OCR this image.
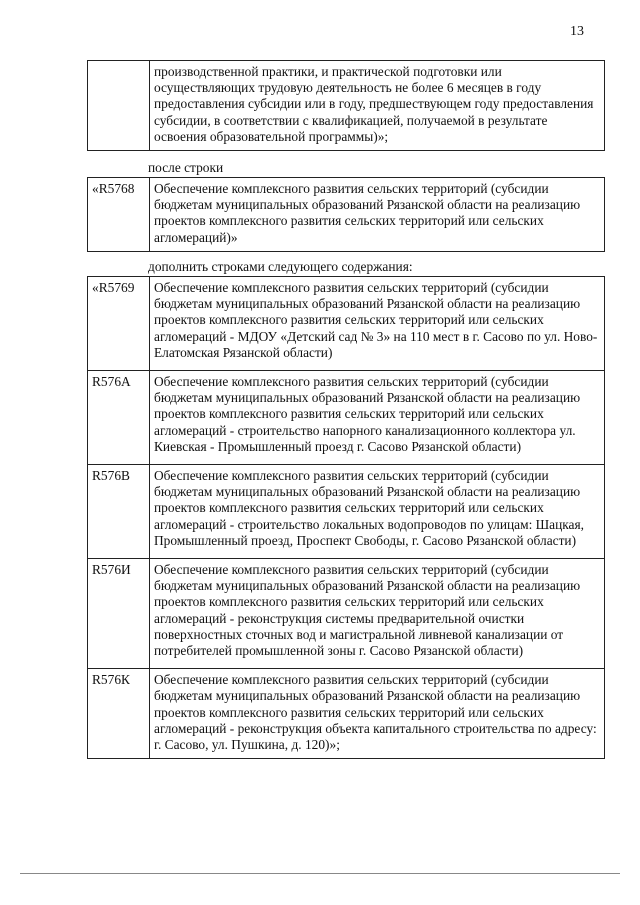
13
	производственной практики, и практической подготовки или осуществляющих трудовую деятельность не более 6 месяцев в году предоставления субсидии или в году, предшествующем году предоставления субсидии, в соответствии с квалификацией, получаемой в результате освоения образовательной программы)»;
после строки
«R5768	Обеспечение комплексного развития сельских территорий (субсидии бюджетам муниципальных образований Рязанской области на реализацию проектов комплексного развития сельских территорий или сельских агломераций)»
дополнить строками следующего содержания:
«R5769	Обеспечение комплексного развития сельских территорий (субсидии бюджетам муниципальных образований Рязанской области на реализацию проектов комплексного развития сельских территорий или сельских агломераций - МДОУ «Детский сад № 3» на 110 мест в г. Сасово по ул. Ново-Елатомская Рязанской области)
R576А	Обеспечение комплексного развития сельских территорий (субсидии бюджетам муниципальных образований Рязанской области на реализацию проектов комплексного развития сельских территорий или сельских агломераций - строительство напорного канализационного коллектора ул. Киевская - Промышленный проезд г. Сасово Рязанской области)
R576В	Обеспечение комплексного развития сельских территорий (субсидии бюджетам муниципальных образований Рязанской области на реализацию проектов комплексного развития сельских территорий или сельских агломераций - строительство локальных водопроводов по улицам: Шацкая, Промышленный проезд, Проспект Свободы, г. Сасово Рязанской области)
R576И	Обеспечение комплексного развития сельских территорий (субсидии бюджетам муниципальных образований Рязанской области на реализацию проектов комплексного развития сельских территорий или сельских агломераций - реконструкция системы предварительной очистки поверхностных сточных вод и магистральной ливневой канализации от потребителей промышленной зоны г. Сасово Рязанской области)
R576К	Обеспечение комплексного развития сельских территорий (субсидии бюджетам муниципальных образований Рязанской области на реализацию проектов комплексного развития сельских территорий или сельских агломераций - реконструкция объекта капитального строительства по адресу: г. Сасово, ул. Пушкина, д. 120)»;
